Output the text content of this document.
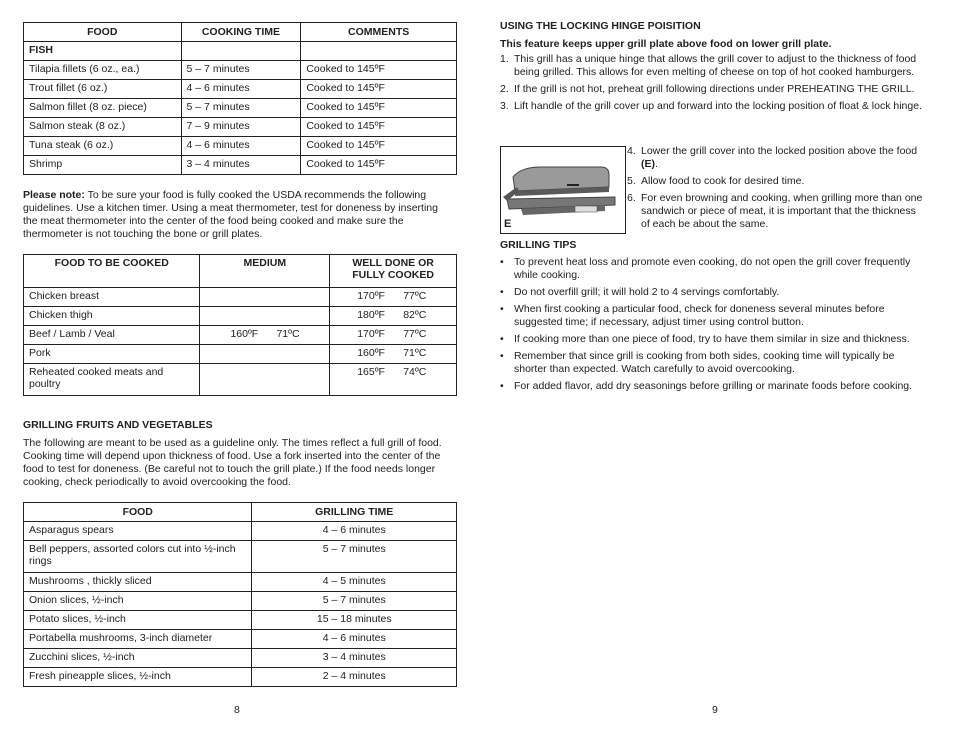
FOOD	COOKING TIME	COMMENTS
FISH		
Tilapia fillets (6 oz., ea.)	5 – 7 minutes	Cooked to 145ºF
Trout fillet (6 oz.)	4 – 6 minutes	Cooked to 145ºF
Salmon fillet (8 oz. piece)	5 – 7 minutes	Cooked to 145ºF
Salmon steak (8 oz.)	7 – 9 minutes	Cooked to 145ºF
Tuna steak (6 oz.)	4 – 6 minutes	Cooked to 145ºF
Shrimp	3 – 4 minutes	Cooked to 145ºF

Please note: To be sure your food is fully cooked the USDA recommends the following guidelines. Use a kitchen timer. Using a meat thermometer, test for doneness by inserting the meat thermometer into the center of the food being cooked and make sure the thermometer is not touching the bone or grill plates.

FOOD TO BE COOKED	MEDIUM	WELL DONE OR FULLY COOKED
Chicken breast		170ºF 77ºC
Chicken thigh		180ºF 82ºC
Beef / Lamb / Veal	160ºF 71ºC	170ºF 77ºC
Pork		160ºF 71ºC
Reheated cooked meats and poultry		165ºF 74ºC

GRILLING FRUITS AND VEGETABLES

The following are meant to be used as a guideline only. The times reflect a full grill of food. Cooking time will depend upon thickness of food. Use a fork inserted into the center of the food to test for doneness. (Be careful not to touch the grill plate.) If the food needs longer cooking, check periodically to avoid overcooking the food.

FOOD	GRILLING TIME
Asparagus spears	4 – 6 minutes
Bell peppers, assorted colors cut into ½-inch rings	5 – 7 minutes
Mushrooms , thickly sliced	4 – 5 minutes
Onion slices, ½-inch	5 – 7 minutes
Potato slices, ½-inch	15 – 18 minutes
Portabella mushrooms, 3-inch diameter	4 – 6 minutes
Zucchini slices, ½-inch	3 – 4 minutes
Fresh pineapple slices, ½-inch	2 – 4 minutes
8

USING THE LOCKING HINGE POISITION

This feature keeps upper grill plate above food on lower grill plate.

1. This grill has a unique hinge that allows the grill cover to adjust to the thickness of food being grilled. This allows for even melting of cheese on top of hot cooked hamburgers.
2. If the grill is not hot, preheat grill following directions under PREHEATING THE GRILL.
3. Lift handle of the grill cover up and forward into the locking position of float & lock hinge.
E
4. Lower the grill cover into the locked position above the food (E).
5. Allow food to cook for desired time.
6. For even browning and cooking, when grilling more than one sandwich or piece of meat, it is important that the thickness of each be about the same.

GRILLING TIPS

• To prevent heat loss and promote even cooking, do not open the grill cover frequently while cooking.
• Do not overfill grill; it will hold 2 to 4 servings comfortably.
• When first cooking a particular food, check for doneness several minutes before suggested time; if necessary, adjust timer using control button.
• If cooking more than one piece of food, try to have them similar in size and thickness.
• Remember that since grill is cooking from both sides, cooking time will typically be shorter than expected. Watch carefully to avoid overcooking.
• For added flavor, add dry seasonings before grilling or marinate foods before cooking.
9
